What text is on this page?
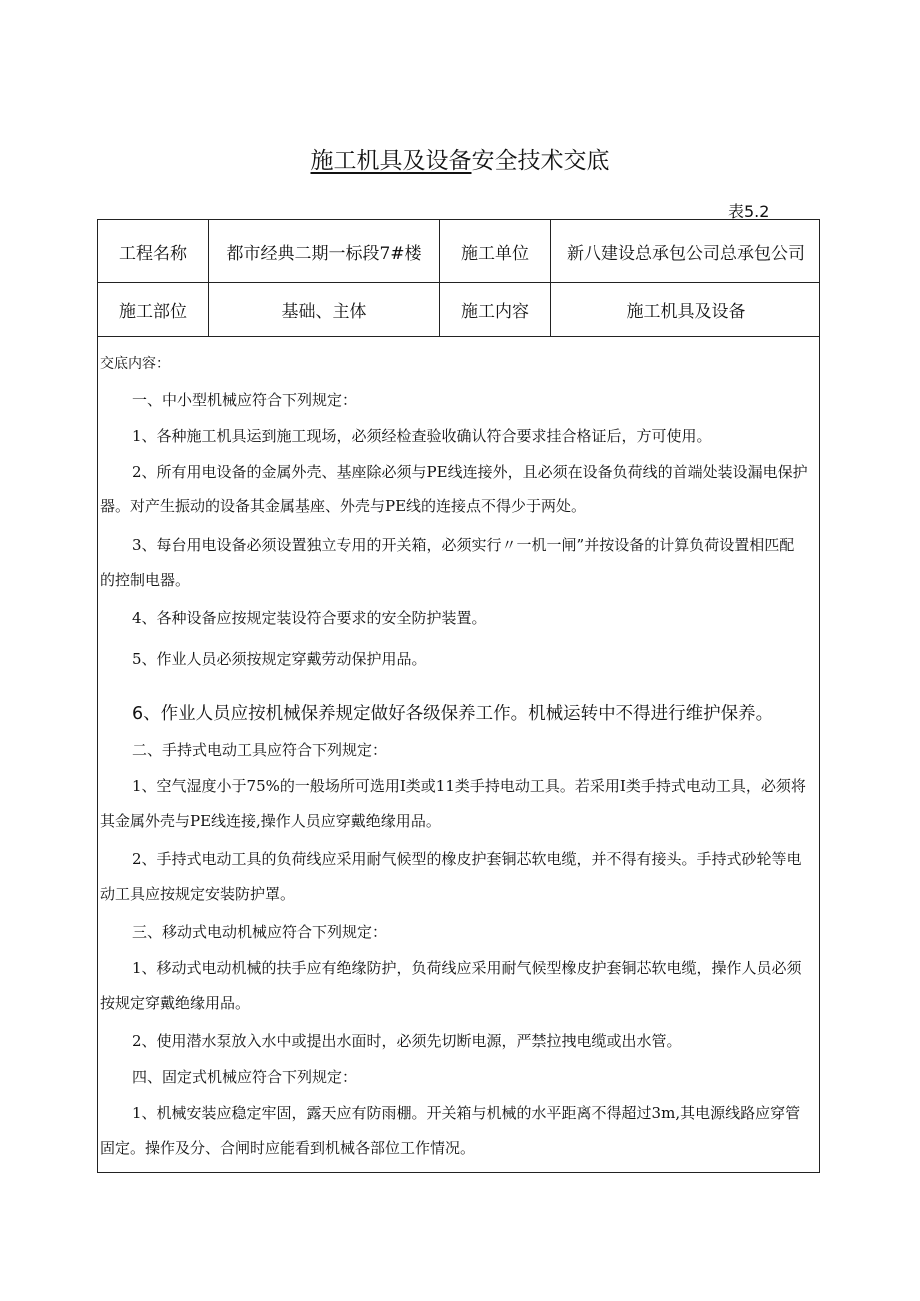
施工机具及设备安全技术交底
表5.2
工程名称	都市经典二期一标段7#楼	施工单位	新八建设总承包公司总承包公司
施工部位	基础、主体	施工内容	施工机具及设备
交底内容：
一、中小型机械应符合下列规定：
1、各种施工机具运到施工现场，必须经检查验收确认符合要求挂合格证后，方可使用。
2、所有用电设备的金属外壳、基座除必须与PE线连接外，且必须在设备负荷线的首端处装设漏电保护
器。对产生振动的设备其金属基座、外壳与PE线的连接点不得少于两处。
3、每台用电设备必须设置独立专用的开关箱，必须实行〃一机一闸”并按设备的计算负荷设置相匹配
的控制电器。
4、各种设备应按规定装设符合要求的安全防护装置。
5、作业人员必须按规定穿戴劳动保护用品。
6、作业人员应按机械保养规定做好各级保养工作。机械运转中不得进行维护保养。
二、手持式电动工具应符合下列规定：
1、空气湿度小于75%的一般场所可选用I类或11类手持电动工具。若采用I类手持式电动工具，必须将
其金属外壳与PE线连接,操作人员应穿戴绝缘用品。
2、手持式电动工具的负荷线应采用耐气候型的橡皮护套铜芯软电缆，并不得有接头。手持式砂轮等电
动工具应按规定安装防护罩。
三、移动式电动机械应符合下列规定：
1、移动式电动机械的扶手应有绝缘防护，负荷线应采用耐气候型橡皮护套铜芯软电缆，操作人员必须
按规定穿戴绝缘用品。
2、使用潜水泵放入水中或提出水面时，必须先切断电源，严禁拉拽电缆或出水管。
四、固定式机械应符合下列规定：
1、机械安装应稳定牢固，露天应有防雨棚。开关箱与机械的水平距离不得超过3m,其电源线路应穿管
固定。操作及分、合闸时应能看到机械各部位工作情况。
